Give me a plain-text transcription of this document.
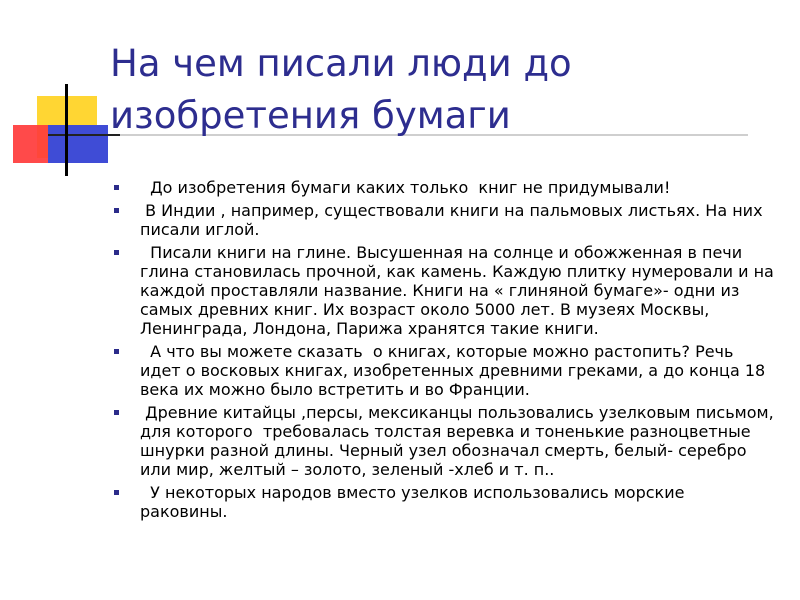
На чем писали люди до
изобретения бумаги
До изобретения бумаги каких только  книг не придумывали!
В Индии , например, существовали книги на пальмовых листьях. На них писали иглой.
Писали книги на глине. Высушенная на солнце и обожженная в печи глина становилась прочной, как камень. Каждую плитку нумеровали и на каждой проставляли название. Книги на « глиняной бумаге»- одни из самых древних книг. Их возраст около 5000 лет. В музеях Москвы, Ленинграда, Лондона, Парижа хранятся такие книги.
А что вы можете сказать  о книгах, которые можно растопить? Речь идет о восковых книгах, изобретенных древними греками, а до конца 18 века их можно было встретить и во Франции.
Древние китайцы ,персы, мексиканцы пользовались узелковым письмом, для которого  требовалась толстая веревка и тоненькие разноцветные шнурки разной длины. Черный узел обозначал смерть, белый- серебро или мир, желтый – золото, зеленый -хлеб и т. п..
У некоторых народов вместо узелков использовались морские раковины.
